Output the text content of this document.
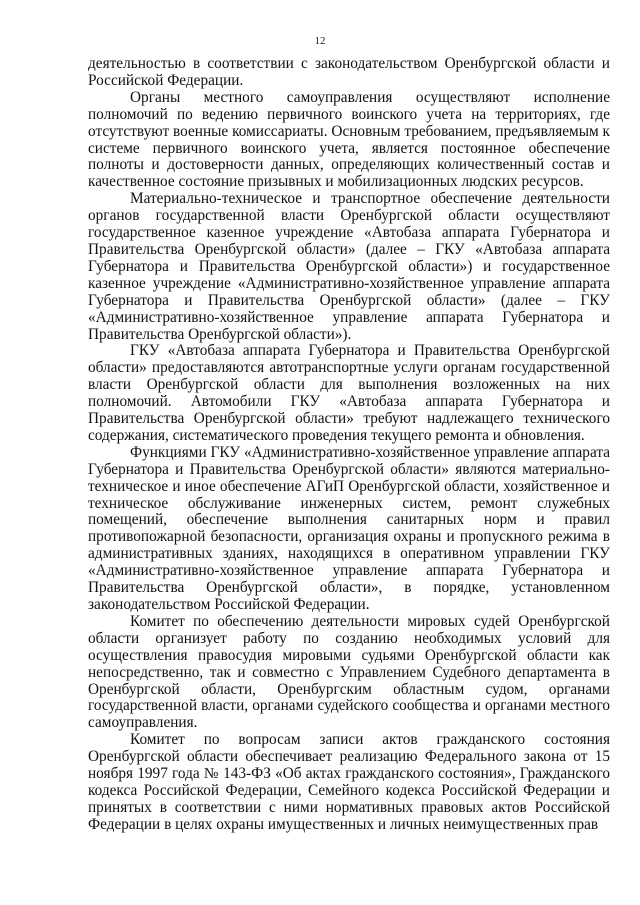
12

деятельностью в соответствии с законодательством Оренбургской области и Российской Федерации.

Органы местного самоуправления осуществляют исполнение полномочий по ведению первичного воинского учета на территориях, где отсутствуют военные комиссариаты. Основным требованием, предъявляемым к системе первичного воинского учета, является постоянное обеспечение полноты и достоверности данных, определяющих количественный состав и качественное состояние призывных и мобилизационных людских ресурсов.

Материально-техническое и транспортное обеспечение деятельности органов государственной власти Оренбургской области осуществляют государственное казенное учреждение «Автобаза аппарата Губернатора и Правительства Оренбургской области» (далее – ГКУ «Автобаза аппарата Губернатора и Правительства Оренбургской области») и государственное казенное учреждение «Административно-хозяйственное управление аппарата Губернатора и Правительства Оренбургской области» (далее – ГКУ «Административно-хозяйственное управление аппарата Губернатора и Правительства Оренбургской области»).

ГКУ «Автобаза аппарата Губернатора и Правительства Оренбургской области» предоставляются автотранспортные услуги органам государственной власти Оренбургской области для выполнения возложенных на них полномочий. Автомобили ГКУ «Автобаза аппарата Губернатора и Правительства Оренбургской области» требуют надлежащего технического содержания, систематического проведения текущего ремонта и обновления.

Функциями ГКУ «Административно-хозяйственное управление аппарата Губернатора и Правительства Оренбургской области» являются материально-техническое и иное обеспечение АГиП Оренбургской области, хозяйственное и техническое обслуживание инженерных систем, ремонт служебных помещений, обеспечение выполнения санитарных норм и правил противопожарной безопасности, организация охраны и пропускного режима в административных зданиях, находящихся в оперативном управлении ГКУ «Административно-хозяйственное управление аппарата Губернатора и Правительства Оренбургской области», в порядке, установленном законодательством Российской Федерации.

Комитет по обеспечению деятельности мировых судей Оренбургской области организует работу по созданию необходимых условий для осуществления правосудия мировыми судьями Оренбургской области как непосредственно, так и совместно с Управлением Судебного департамента в Оренбургской области, Оренбургским областным судом, органами государственной власти, органами судейского сообщества и органами местного самоуправления.

Комитет по вопросам записи актов гражданского состояния Оренбургской области обеспечивает реализацию Федерального закона от 15 ноября 1997 года № 143-ФЗ «Об актах гражданского состояния», Гражданского кодекса Российской Федерации, Семейного кодекса Российской Федерации и принятых в соответствии с ними нормативных правовых актов Российской Федерации в целях охраны имущественных и личных неимущественных прав
